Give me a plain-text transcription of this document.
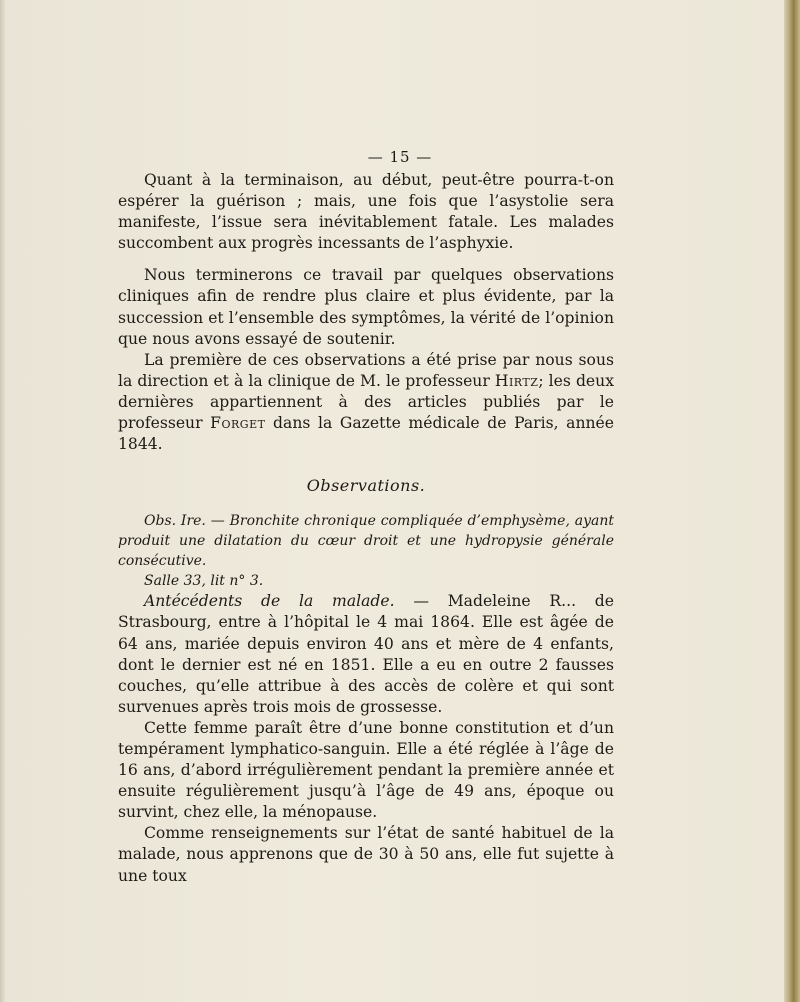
— 15 —

Quant à la terminaison, au début, peut-être pourra-t-on espérer la guérison ; mais, une fois que l’asystolie sera manifeste, l’issue sera inévitablement fatale. Les malades succombent aux progrès incessants de l’asphyxie.

Nous terminerons ce travail par quelques observations cliniques afin de rendre plus claire et plus évidente, par la succession et l’ensemble des symptômes, la vérité de l’opinion que nous avons essayé de soutenir.

La première de ces observations a été prise par nous sous la direction et à la clinique de M. le professeur Hirtz; les deux dernières appartiennent à des articles publiés par le professeur Forget dans la Gazette médicale de Paris, année 1844.

Observations.

Obs. Ire. — Bronchite chronique compliquée d’emphysème, ayant produit une dilatation du cœur droit et une hydropysie générale consécutive.

Salle 33, lit n° 3.

Antécédents de la malade. — Madeleine R... de Strasbourg, entre à l’hôpital le 4 mai 1864. Elle est âgée de 64 ans, mariée depuis environ 40 ans et mère de 4 enfants, dont le dernier est né en 1851. Elle a eu en outre 2 fausses couches, qu’elle attribue à des accès de colère et qui sont survenues après trois mois de grossesse.

Cette femme paraît être d’une bonne constitution et d’un tempérament lymphatico-sanguin. Elle a été réglée à l’âge de 16 ans, d’abord irrégulièrement pendant la première année et ensuite régulièrement jusqu’à l’âge de 49 ans, époque ou survint, chez elle, la ménopause.

Comme renseignements sur l’état de santé habituel de la malade, nous apprenons que de 30 à 50 ans, elle fut sujette à une toux
